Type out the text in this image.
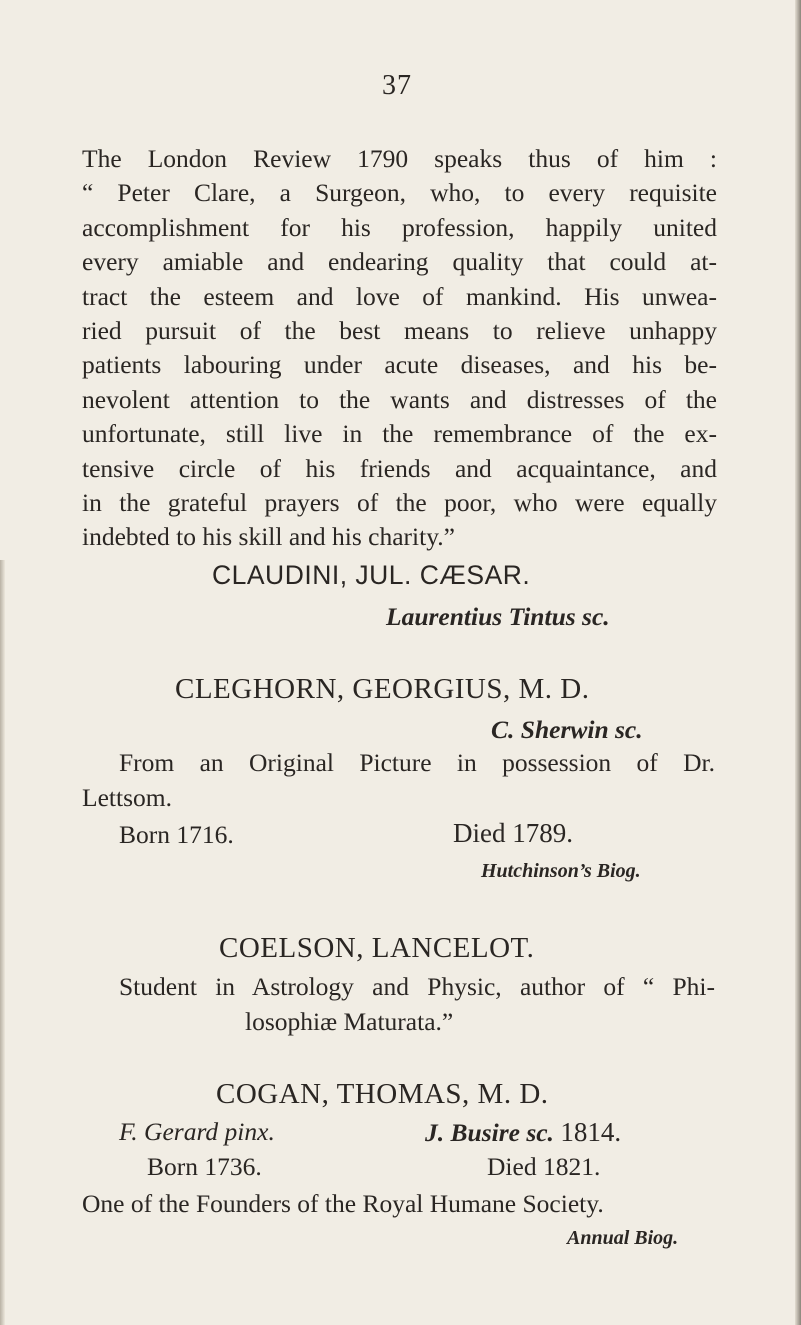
37
The London Review 1790 speaks thus of him :
“ Peter Clare, a Surgeon, who, to every requisite
accomplishment for his profession, happily united
every amiable and endearing quality that could at-
tract the esteem and love of mankind. His unwea-
ried pursuit of the best means to relieve unhappy
patients labouring under acute diseases, and his be-
nevolent attention to the wants and distresses of the
unfortunate, still live in the remembrance of the ex-
tensive circle of his friends and acquaintance, and
in the grateful prayers of the poor, who were equally
indebted to his skill and his charity.”
CLAUDINI, JUL. CÆSAR.
Laurentius Tintus sc.
CLEGHORN, GEORGIUS, M. D.
C. Sherwin sc.
From an Original Picture in possession of Dr.
Lettsom.
Born 1716.	Died 1789.
Hutchinson’s Biog.
COELSON, LANCELOT.
Student in Astrology and Physic, author of “ Phi-
losophiæ Maturata.”
COGAN, THOMAS, M. D.
F. Gerard pinx.	J. Busire sc. 1814.
Born 1736.	Died 1821.
One of the Founders of the Royal Humane Society.
Annual Biog.
